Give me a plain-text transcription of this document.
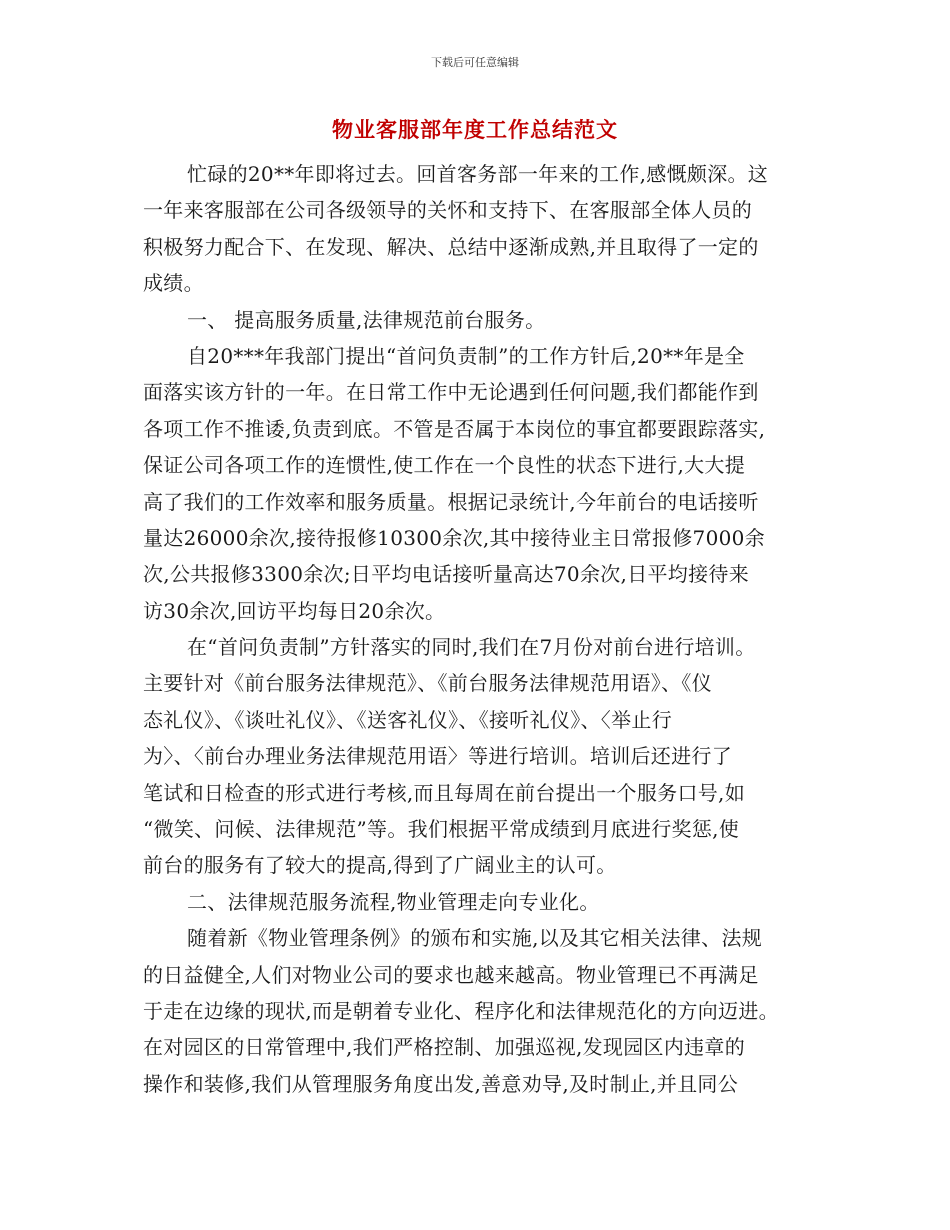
下载后可任意编辑
物业客服部年度工作总结范文
忙碌的20**年即将过去。回首客务部一年来的工作,感慨颇深。这
一年来客服部在公司各级领导的关怀和支持下、在客服部全体人员的
积极努力配合下、在发现、解决、总结中逐渐成熟,并且取得了一定的
成绩。
一、 提高服务质量,法律规范前台服务。
自20***年我部门提出“首问负责制”的工作方针后,20**年是全
面落实该方针的一年。在日常工作中无论遇到任何问题,我们都能作到
各项工作不推诿,负责到底。不管是否属于本岗位的事宜都要跟踪落实,
保证公司各项工作的连惯性,使工作在一个良性的状态下进行,大大提
高了我们的工作效率和服务质量。根据记录统计,今年前台的电话接听
量达26000余次,接待报修10300余次,其中接待业主日常报修7000余
次,公共报修3300余次;日平均电话接听量高达70余次,日平均接待来
访30余次,回访平均每日20余次。
在“首问负责制”方针落实的同时,我们在7月份对前台进行培训。
主要针对《前台服务法律规范》、《前台服务法律规范用语》、《仪
态礼仪》、《谈吐礼仪》、《送客礼仪》、《接听礼仪》、〈举止行
为〉、〈前台办理业务法律规范用语〉等进行培训。培训后还进行了
笔试和日检查的形式进行考核,而且每周在前台提出一个服务口号,如
“微笑、问候、法律规范”等。我们根据平常成绩到月底进行奖惩,使
前台的服务有了较大的提高,得到了广阔业主的认可。
二、法律规范服务流程,物业管理走向专业化。
随着新《物业管理条例》的颁布和实施,以及其它相关法律、法规
的日益健全,人们对物业公司的要求也越来越高。物业管理已不再满足
于走在边缘的现状,而是朝着专业化、程序化和法律规范化的方向迈进。
在对园区的日常管理中,我们严格控制、加强巡视,发现园区内违章的
操作和装修,我们从管理服务角度出发,善意劝导,及时制止,并且同公
